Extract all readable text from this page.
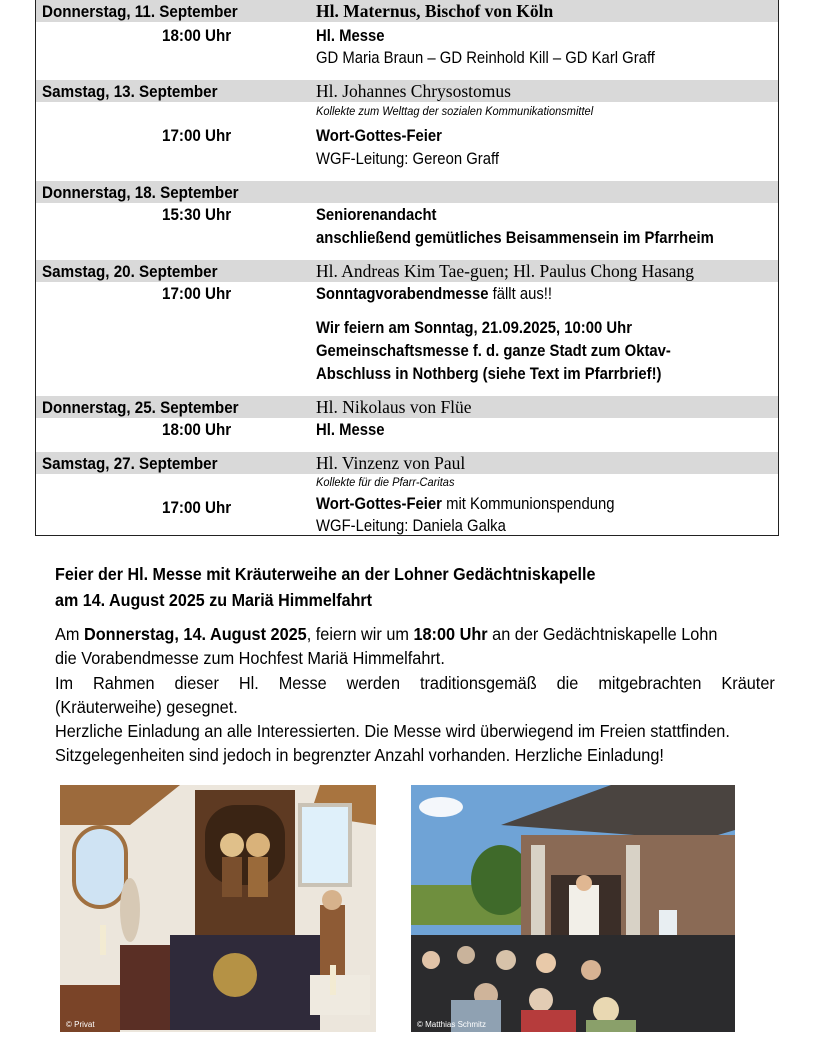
Donnerstag, 11. September	Hl. Maternus, Bischof von Köln
18:00 Uhr	Hl. Messe
GD Maria Braun – GD Reinhold Kill – GD Karl Graff
Samstag, 13. September	Hl. Johannes Chrysostomus
Kollekte zum Welttag der sozialen Kommunikationsmittel
17:00 Uhr	Wort-Gottes-Feier
WGF-Leitung: Gereon Graff
Donnerstag, 18. September
15:30 Uhr	Seniorenandacht
anschließend gemütliches Beisammensein im Pfarrheim
Samstag, 20. September	Hl. Andreas Kim Tae-guen; Hl. Paulus Chong Hasang
17:00 Uhr	Sonntagvorabendmesse fällt aus!!
Wir feiern am Sonntag, 21.09.2025, 10:00 Uhr
Gemeinschaftsmesse f. d. ganze Stadt zum Oktav-
Abschluss in Nothberg (siehe Text im Pfarrbrief!)
Donnerstag, 25. September	Hl. Nikolaus von Flüe
18:00 Uhr	Hl. Messe
Samstag, 27. September	Hl. Vinzenz von Paul
Kollekte für die Pfarr-Caritas
17:00 Uhr	Wort-Gottes-Feier mit Kommunionspendung
WGF-Leitung: Daniela Galka
Feier der Hl. Messe mit Kräuterweihe an der Lohner Gedächtniskapelle
am 14. August 2025 zu Mariä Himmelfahrt
Am Donnerstag, 14. August 2025, feiern wir um 18:00 Uhr an der Gedächtniskapelle Lohn
die Vorabendmesse zum Hochfest Mariä Himmelfahrt.
Im Rahmen dieser Hl. Messe werden traditionsgemäß die mitgebrachten Kräuter
(Kräuterweihe) gesegnet.
Herzliche Einladung an alle Interessierten. Die Messe wird überwiegend im Freien stattfinden.
Sitzgelegenheiten sind jedoch in begrenzter Anzahl vorhanden. Herzliche Einladung!
© Privat	© Matthias Schmitz
